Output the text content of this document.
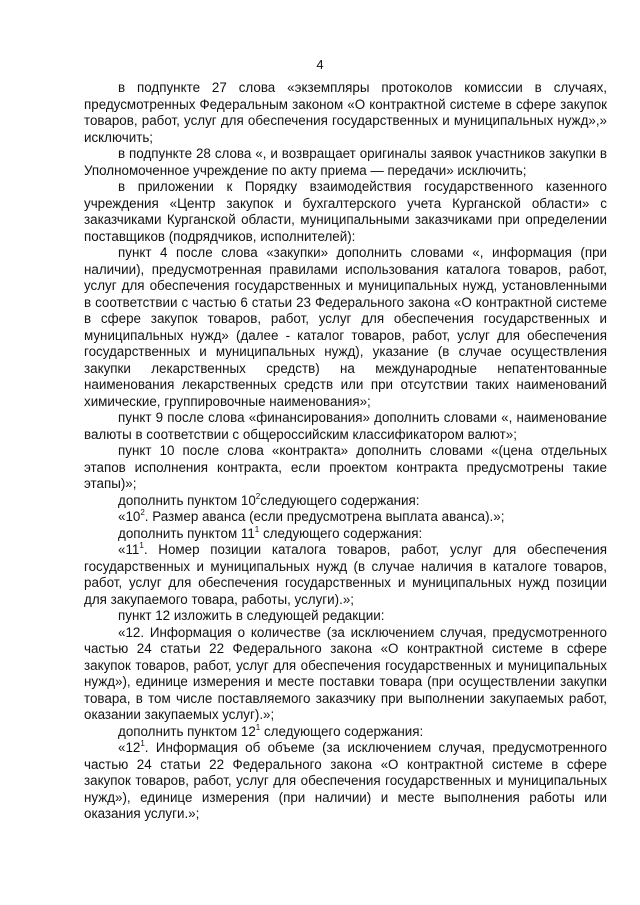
4

в подпункте 27 слова «экземпляры протоколов комиссии в случаях, предусмотренных Федеральным законом «О контрактной системе в сфере закупок товаров, работ, услуг для обеспечения государственных и муниципальных нужд»,» исключить;

в подпункте 28 слова «, и возвращает оригиналы заявок участников закупки в Уполномоченное учреждение по акту приема — передачи» исключить;

в приложении к Порядку взаимодействия государственного казенного учреждения «Центр закупок и бухгалтерского учета Курганской области» с заказчиками Курганской области, муниципальными заказчиками при определении поставщиков (подрядчиков, исполнителей):

пункт 4 после слова «закупки» дополнить словами «, информация (при наличии), предусмотренная правилами использования каталога товаров, работ, услуг для обеспечения государственных и муниципальных нужд, установленными в соответствии с частью 6 статьи 23 Федерального закона «О контрактной системе в сфере закупок товаров, работ, услуг для обеспечения государственных и муниципальных нужд» (далее - каталог товаров, работ, услуг для обеспечения государственных и муниципальных нужд), указание (в случае осуществления закупки лекарственных средств) на международные непатентованные наименования лекарственных средств или при отсутствии таких наименований химические, группировочные наименования»;

пункт 9 после слова «финансирования» дополнить словами «, наименование валюты в соответствии с общероссийским классификатором валют»;

пункт 10 после слова «контракта» дополнить словами «(цена отдельных этапов исполнения контракта, если проектом контракта предусмотрены такие этапы)»;

дополнить пунктом $10^2следующего$ содержания:

«$10^2$. Размер аванса (если предусмотрена выплата аванса).»;

дополнить пунктом $11^1$ следующего содержания:

«$11^1$. Номер позиции каталога товаров, работ, услуг для обеспечения государственных и муниципальных нужд (в случае наличия в каталоге товаров, работ, услуг для обеспечения государственных и муниципальных нужд позиции для закупаемого товара, работы, услуги).»;

пункт 12 изложить в следующей редакции:

«12. Информация о количестве (за исключением случая, предусмотренного частью 24 статьи 22 Федерального закона «О контрактной системе в сфере закупок товаров, работ, услуг для обеспечения государственных и муниципальных нужд»), единице измерения и месте поставки товара (при осуществлении закупки товара, в том числе поставляемого заказчику при выполнении закупаемых работ, оказании закупаемых услуг).»;

дополнить пунктом $12^1$ следующего содержания:

«$12^1$. Информация об объеме (за исключением случая, предусмотренного частью 24 статьи 22 Федерального закона «О контрактной системе в сфере закупок товаров, работ, услуг для обеспечения государственных и муниципальных нужд»), единице измерения (при наличии) и месте выполнения работы или оказания услуги.»;
